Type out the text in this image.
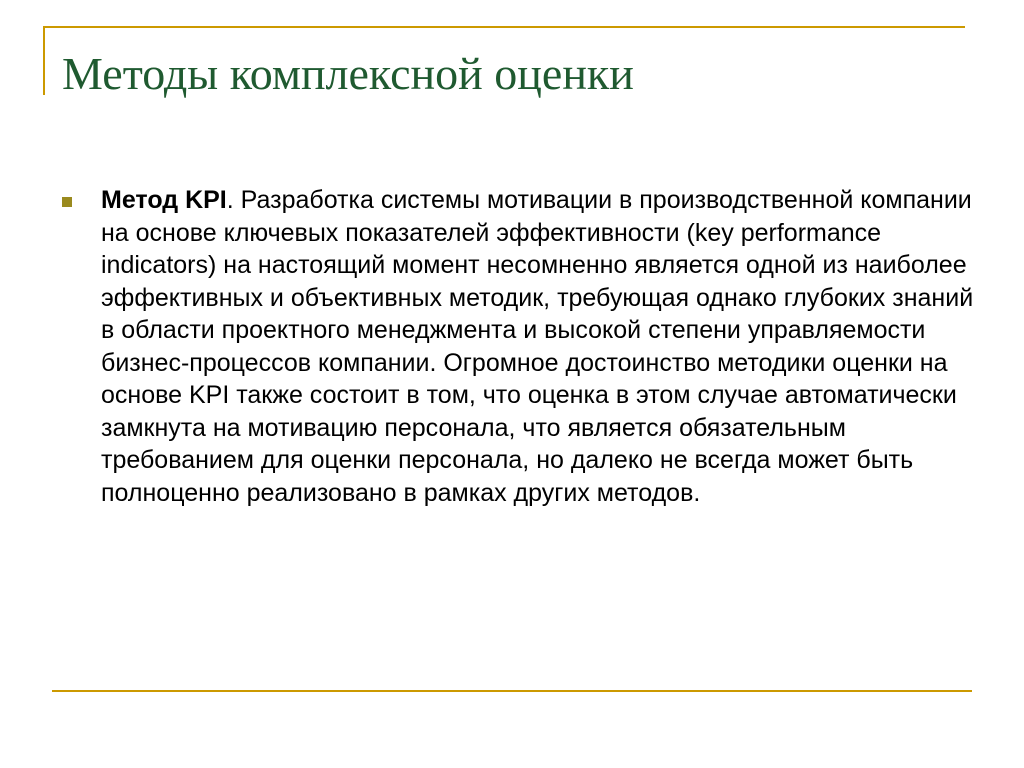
Методы комплексной оценки

Метод KPI. Разработка системы мотивации в производственной компании на основе ключевых показателей эффективности (key performance indicators) на настоящий момент несомненно является одной из наиболее эффективных и объективных методик, требующая однако глубоких знаний в области проектного менеджмента и высокой степени управляемости бизнес-процессов компании. Огромное достоинство методики оценки на основе KPI также состоит в том, что оценка в этом случае автоматически замкнута на мотивацию персонала, что является обязательным требованием для оценки персонала, но далеко не всегда может быть полноценно реализовано в рамках других методов.
